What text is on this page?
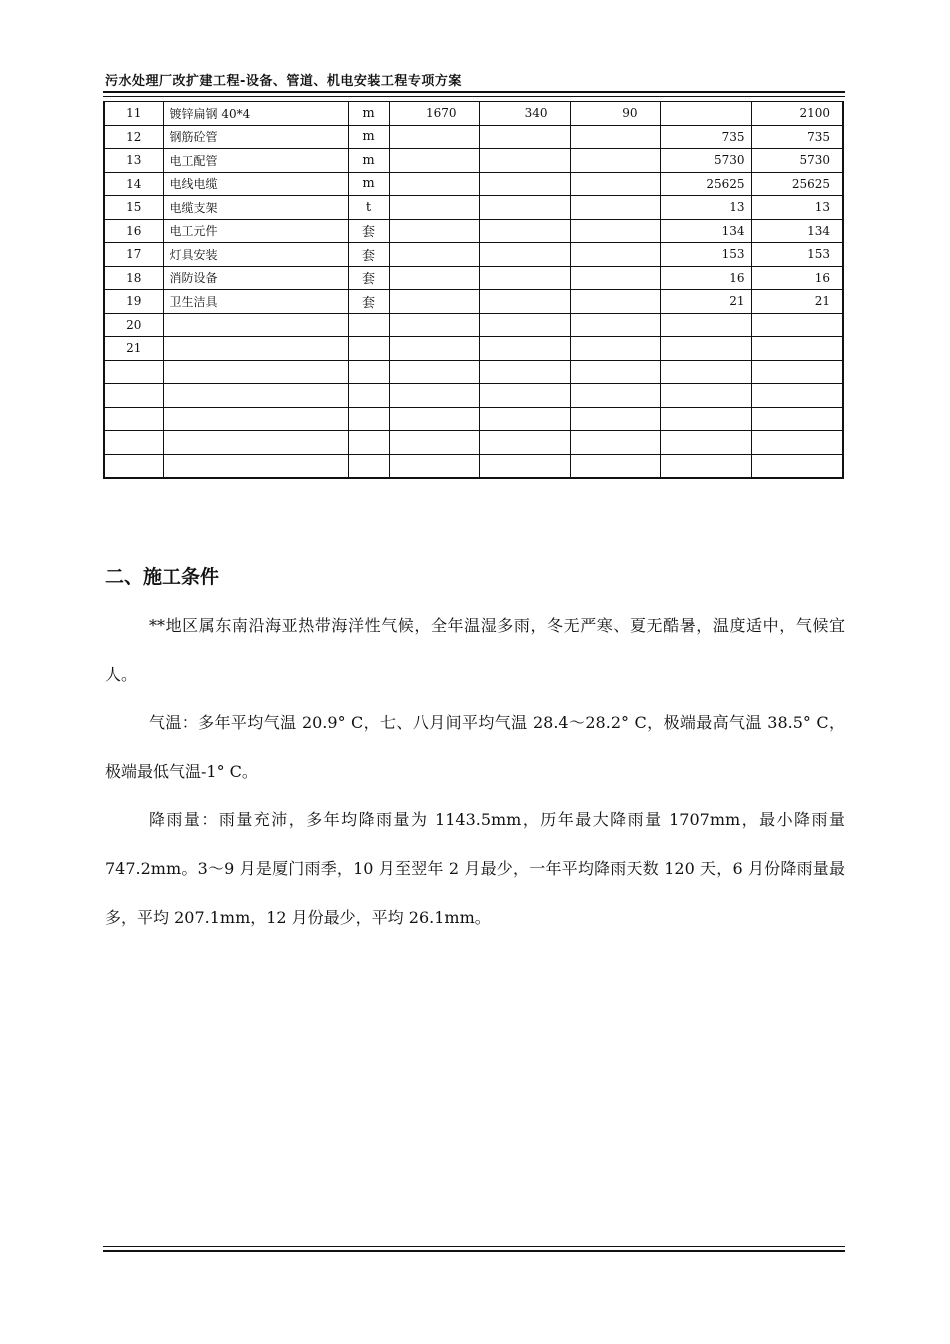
污水处理厂改扩建工程-设备、管道、机电安装工程专项方案
11	镀锌扁钢 40*4	m	1670	340	90		2100
12	钢筋砼管	m				735	735
13	电工配管	m				5730	5730
14	电线电缆	m				25625	25625
15	电缆支架	t				13	13
16	电工元件	套				134	134
17	灯具安装	套				153	153
18	消防设备	套				16	16
19	卫生洁具	套				21	21
20							
21							

二、施工条件

**地区属东南沿海亚热带海洋性气候，全年温湿多雨，冬无严寒、夏无酷暑，温度适中，气候宜人。

气温：多年平均气温 20.9° C，七、八月间平均气温 28.4～28.2° C，极端最高气温 38.5° C，极端最低气温-1° C。

降雨量：雨量充沛，多年均降雨量为 1143.5mm，历年最大降雨量 1707mm，最小降雨量 747.2mm。3～9 月是厦门雨季，10 月至翌年 2 月最少，一年平均降雨天数 120 天，6 月份降雨量最多，平均 207.1mm，12 月份最少，平均 26.1mm。
